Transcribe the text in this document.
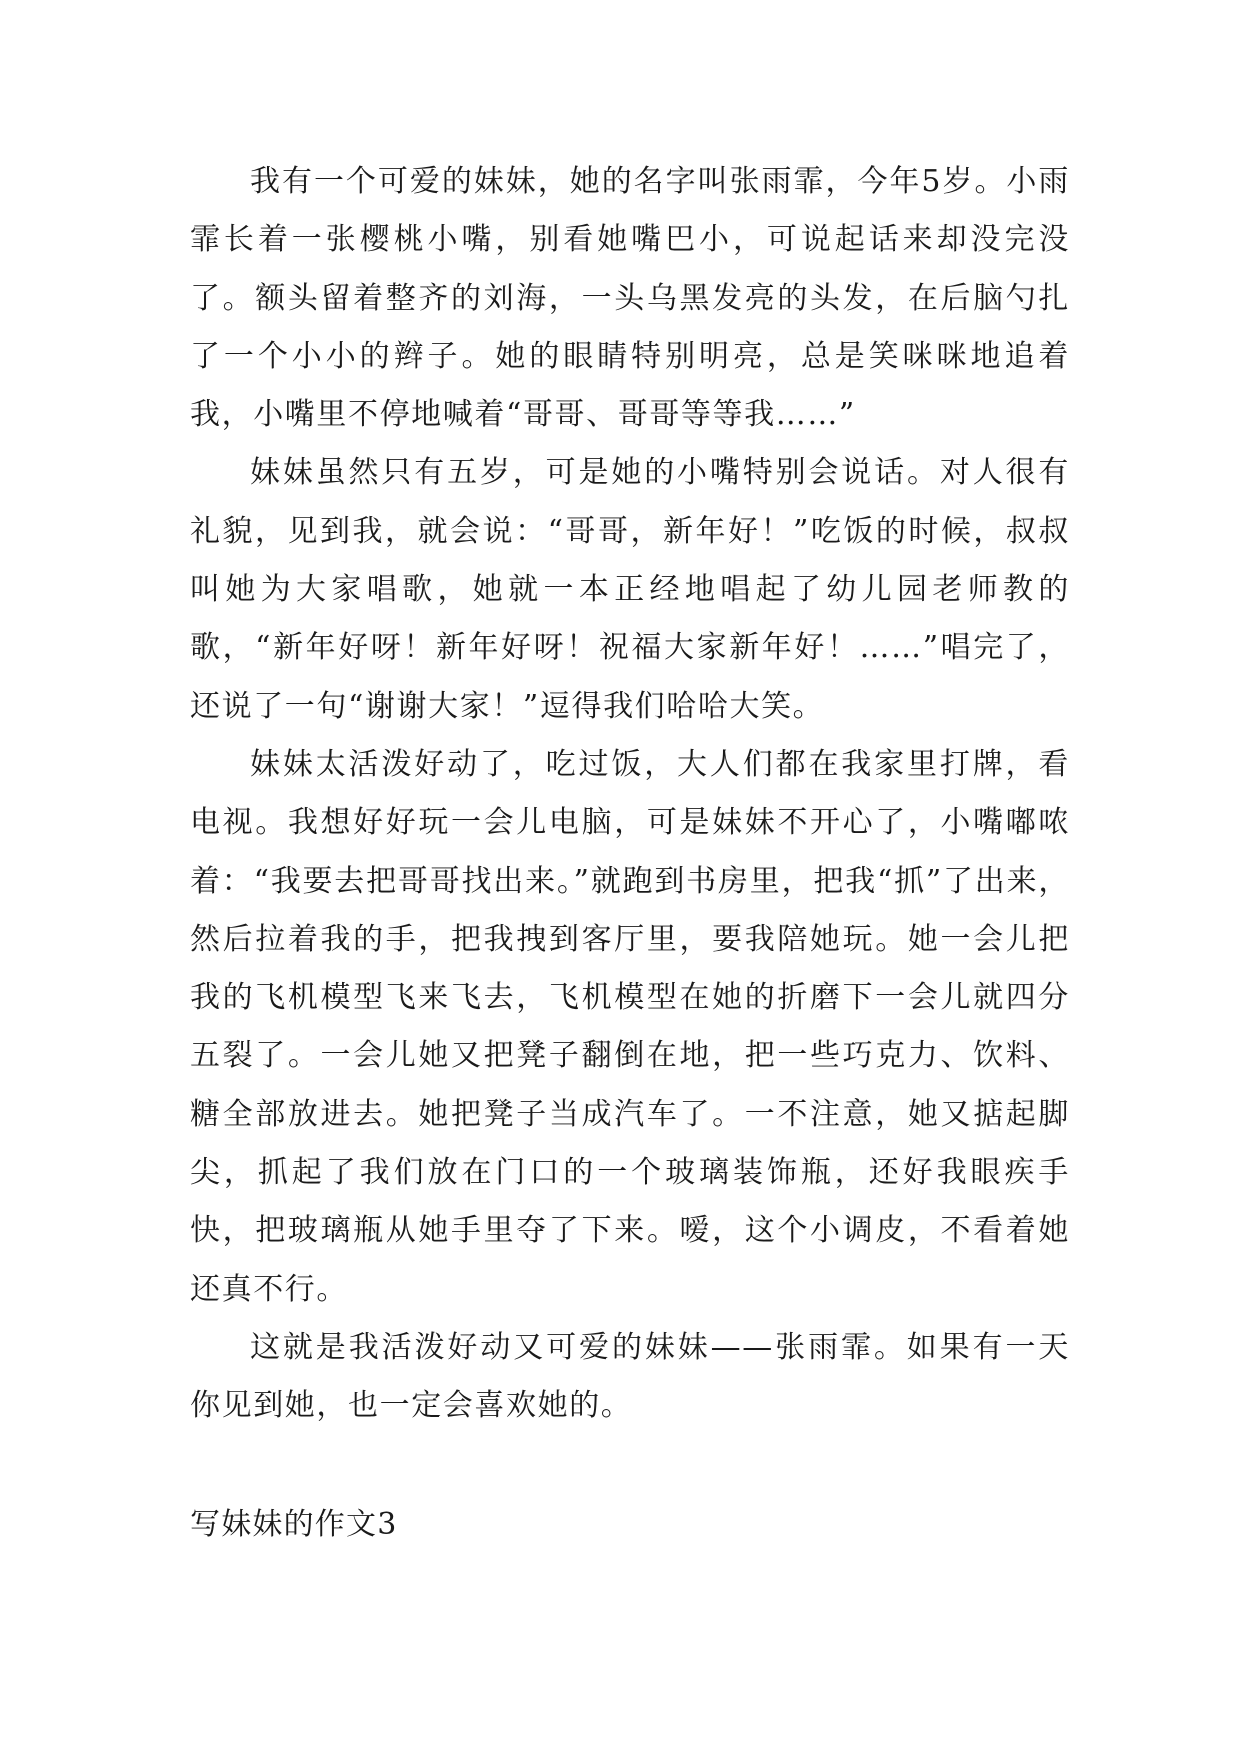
我有一个可爱的妹妹，她的名字叫张雨霏，今年5岁。小雨霏长着一张樱桃小嘴，别看她嘴巴小，可说起话来却没完没了。额头留着整齐的刘海，一头乌黑发亮的头发，在后脑勺扎了一个小小的辫子。她的眼睛特别明亮，总是笑咪咪地追着我，小嘴里不停地喊着“哥哥、哥哥等等我……”

妹妹虽然只有五岁，可是她的小嘴特别会说话。对人很有礼貌，见到我，就会说：“哥哥，新年好！”吃饭的时候，叔叔叫她为大家唱歌，她就一本正经地唱起了幼儿园老师教的歌，“新年好呀！新年好呀！祝福大家新年好！……”唱完了，还说了一句“谢谢大家！”逗得我们哈哈大笑。

妹妹太活泼好动了，吃过饭，大人们都在我家里打牌，看电视。我想好好玩一会儿电脑，可是妹妹不开心了，小嘴嘟哝着：“我要去把哥哥找出来。”就跑到书房里，把我“抓”了出来，然后拉着我的手，把我拽到客厅里，要我陪她玩。她一会儿把我的飞机模型飞来飞去，飞机模型在她的折磨下一会儿就四分五裂了。一会儿她又把凳子翻倒在地，把一些巧克力、饮料、糖全部放进去。她把凳子当成汽车了。一不注意，她又掂起脚尖，抓起了我们放在门口的一个玻璃装饰瓶，还好我眼疾手快，把玻璃瓶从她手里夺了下来。嗳，这个小调皮，不看着她还真不行。

这就是我活泼好动又可爱的妹妹——张雨霏。如果有一天你见到她，也一定会喜欢她的。

写妹妹的作文3
